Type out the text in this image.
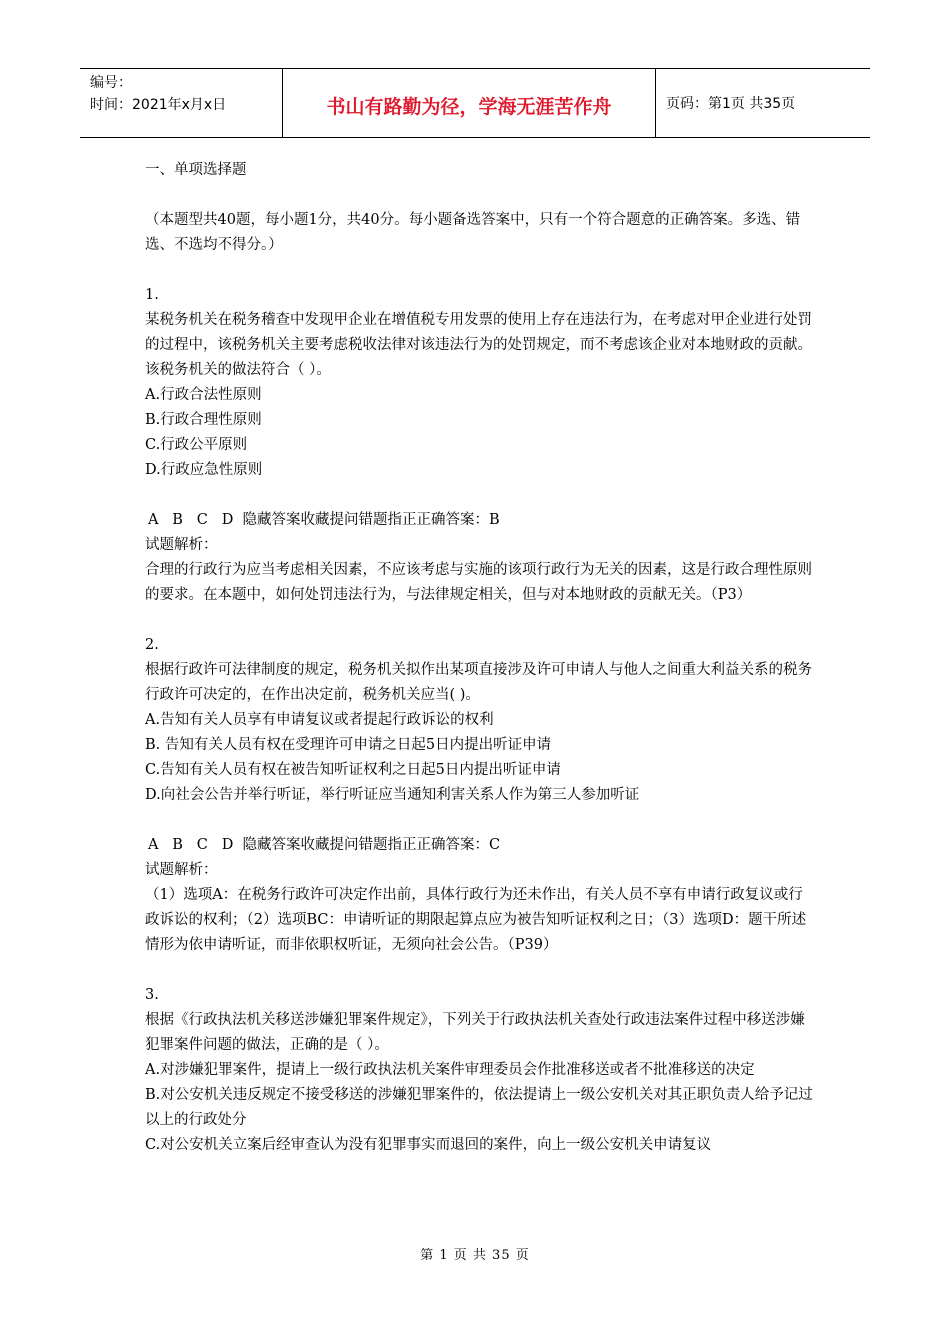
编号：
时间：2021年x月x日	书山有路勤为径，学海无涯苦作舟	页码：第1页 共35页

一、单项选择题

（本题型共40题，每小题1分，共40分。每小题备选答案中，只有一个符合题意的正确答案。多选、错选、不选均不得分。）

1.

某税务机关在税务稽查中发现甲企业在增值税专用发票的使用上存在违法行为，在考虑对甲企业进行处罚的过程中，该税务机关主要考虑税收法律对该违法行为的处罚规定，而不考虑该企业对本地财政的贡献。该税务机关的做法符合（ ）。

A.行政合法性原则

B.行政合理性原则

C.行政公平原则

D.行政应急性原则

A   B   C   D  隐藏答案收藏提问错题指正正确答案：B

试题解析：

合理的行政行为应当考虑相关因素，不应该考虑与实施的该项行政行为无关的因素，这是行政合理性原则的要求。在本题中，如何处罚违法行为，与法律规定相关，但与对本地财政的贡献无关。（P3）

2.

根据行政许可法律制度的规定，税务机关拟作出某项直接涉及许可申请人与他人之间重大利益关系的税务行政许可决定的，在作出决定前，税务机关应当( )。

A.告知有关人员享有申请复议或者提起行政诉讼的权利

B. 告知有关人员有权在受理许可申请之日起5日内提出听证申请

C.告知有关人员有权在被告知听证权利之日起5日内提出听证申请

D.向社会公告并举行听证，举行听证应当通知利害关系人作为第三人参加听证

A   B   C   D  隐藏答案收藏提问错题指正正确答案：C

试题解析：

（1）选项A：在税务行政许可决定作出前，具体行政行为还未作出，有关人员不享有申请行政复议或行政诉讼的权利；（2）选项BC：申请听证的期限起算点应为被告知听证权利之日；（3）选项D：题干所述情形为依申请听证，而非依职权听证，无须向社会公告。（P39）

3.

根据《行政执法机关移送涉嫌犯罪案件规定》，下列关于行政执法机关查处行政违法案件过程中移送涉嫌犯罪案件问题的做法，正确的是（ ）。

A.对涉嫌犯罪案件，提请上一级行政执法机关案件审理委员会作批准移送或者不批准移送的决定

B.对公安机关违反规定不接受移送的涉嫌犯罪案件的，依法提请上一级公安机关对其正职负责人给予记过以上的行政处分

C.对公安机关立案后经审查认为没有犯罪事实而退回的案件，向上一级公安机关申请复议

第 1 页 共 35 页
